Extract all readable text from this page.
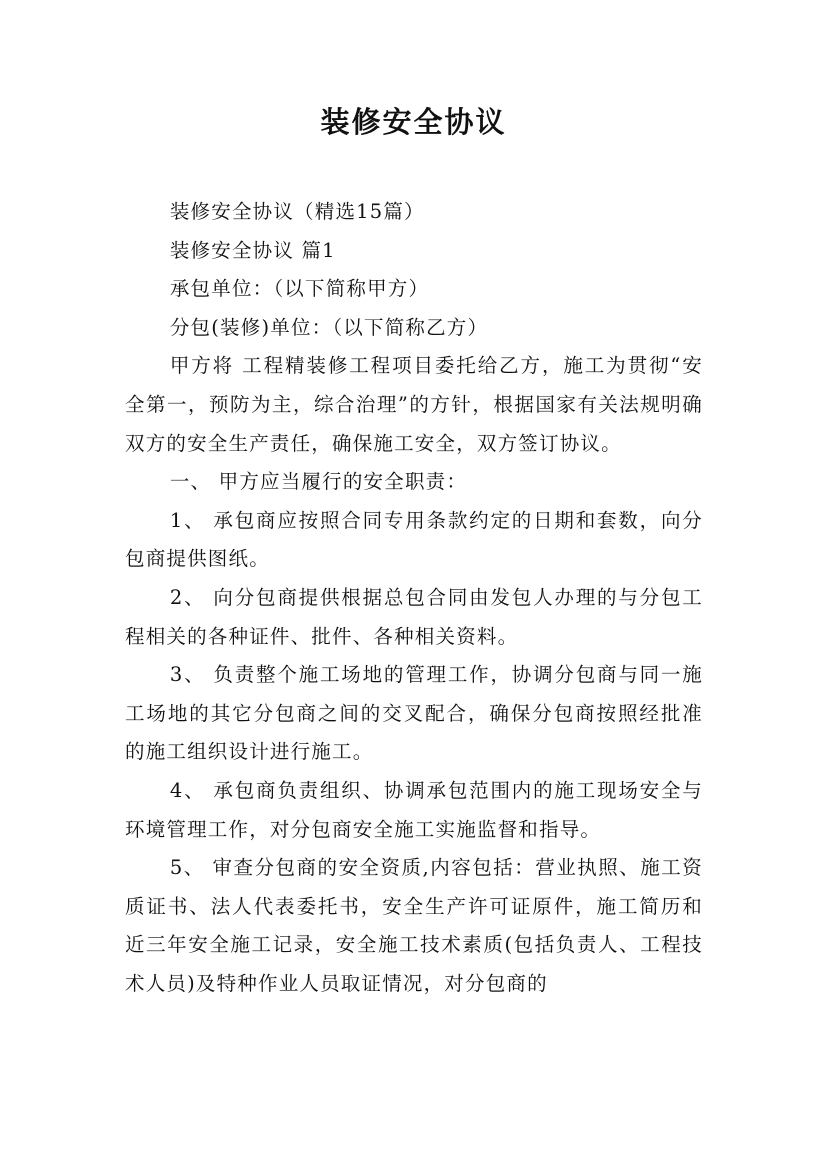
装修安全协议

装修安全协议（精选15篇）

装修安全协议 篇1

承包单位：（以下简称甲方）

分包(装修)单位：（以下简称乙方）

甲方将 工程精装修工程项目委托给乙方，施工为贯彻“安全第一，预防为主，综合治理”的方针，根据国家有关法规明确双方的安全生产责任，确保施工安全，双方签订协议。

一、 甲方应当履行的安全职责：

1、 承包商应按照合同专用条款约定的日期和套数，向分包商提供图纸。

2、 向分包商提供根据总包合同由发包人办理的与分包工程相关的各种证件、批件、各种相关资料。

3、 负责整个施工场地的管理工作，协调分包商与同一施工场地的其它分包商之间的交叉配合，确保分包商按照经批准的施工组织设计进行施工。

4、 承包商负责组织、协调承包范围内的施工现场安全与环境管理工作，对分包商安全施工实施监督和指导。

5、 审查分包商的安全资质,内容包括：营业执照、施工资质证书、法人代表委托书，安全生产许可证原件，施工简历和近三年安全施工记录，安全施工技术素质(包括负责人、工程技术人员)及特种作业人员取证情况，对分包商的
